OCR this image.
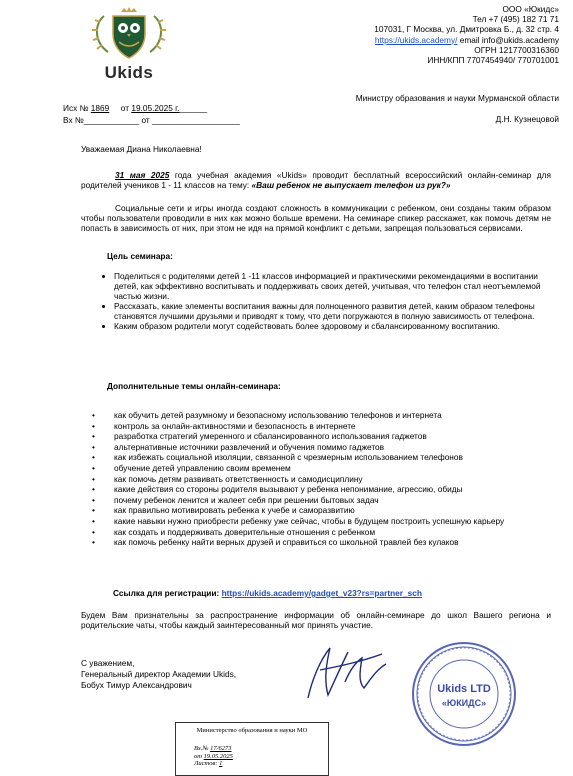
Ukids
ООО «Юкидс»
Тел +7 (495) 182 71 71
107031, Г Москва, ул. Дмитровка Б., д. 32 стр. 4
https://ukids.academy/ email info@ukids.academy
ОГРН 1217700316360
ИНН/КПП 7707454940/ 770701001
Исх № 1869 от 19.05.2025 г.______
Вх №____________ от ___________________
Министру образования и науки Мурманской области
Д.Н. Кузнецовой
Уважаемая Диана Николаевна!
31 мая 2025 года учебная академия «Ukids» проводит бесплатный всероссийский онлайн-семинар для родителей учеников 1 - 11 классов на тему: «Ваш ребенок не выпускает телефон из рук?»
Социальные сети и игры иногда создают сложность в коммуникации с ребенком, они созданы таким образом чтобы пользователи проводили в них как можно больше времени. На семинаре спикер расскажет, как помочь детям не попасть в зависимость от них, при этом не идя на прямой конфликт с детьми, запрещая пользоваться сервисами.
Цель семинара:
• Поделиться с родителями детей 1 -11 классов информацией и практическими рекомендациями в воспитании детей, как эффективно воспитывать и поддерживать своих детей, учитывая, что телефон стал неотъемлемой частью жизни.
• Рассказать, какие элементы воспитания важны для полноценного развития детей, каким образом телефоны становятся лучшими друзьями и приводят к тому, что дети погружаются в полную зависимость от телефона.
• Каким образом родители могут содействовать более здоровому и сбалансированному воспитанию.
Дополнительные темы онлайн-семинара:
• как обучить детей разумному и безопасному использованию телефонов и интернета
• контроль за онлайн-активностями и безопасность в интернете
• разработка стратегий умеренного и сбалансированного использования гаджетов
• альтернативные источники развлечений и обучения помимо гаджетов
• как избежать социальной изоляции, связанной с чрезмерным использованием телефонов
• обучение детей управлению своим временем
• как помочь детям развивать ответственность и самодисциплину
• какие действия со стороны родителя вызывают у ребенка непонимание, агрессию, обиды
• почему ребенок ленится и жалеет себя при решении бытовых задач
• как правильно мотивировать ребенка к учебе и саморазвитию
• какие навыки нужно приобрести ребенку уже сейчас, чтобы в будущем построить успешную карьеру
• как создать и поддерживать доверительные отношения с ребенком
• как помочь ребенку найти верных друзей и справиться со школьной травлей без кулаков
Ссылка для регистрации: https://ukids.academy/gadget_v23?rs=partner_sch
Будем Вам признательны за распространение информации об онлайн-семинаре до школ Вашего региона и родительские чаты, чтобы каждый заинтересованный мог принять участие.
С уважением,
Генеральный директор Академии Ukids,
Бобух Тимур Александрович	Ukids LTD
«ЮКИДС»
Министерство образования и науки МО
Вх.№ 17/6273
от 19.05.2025
Листов: 1
